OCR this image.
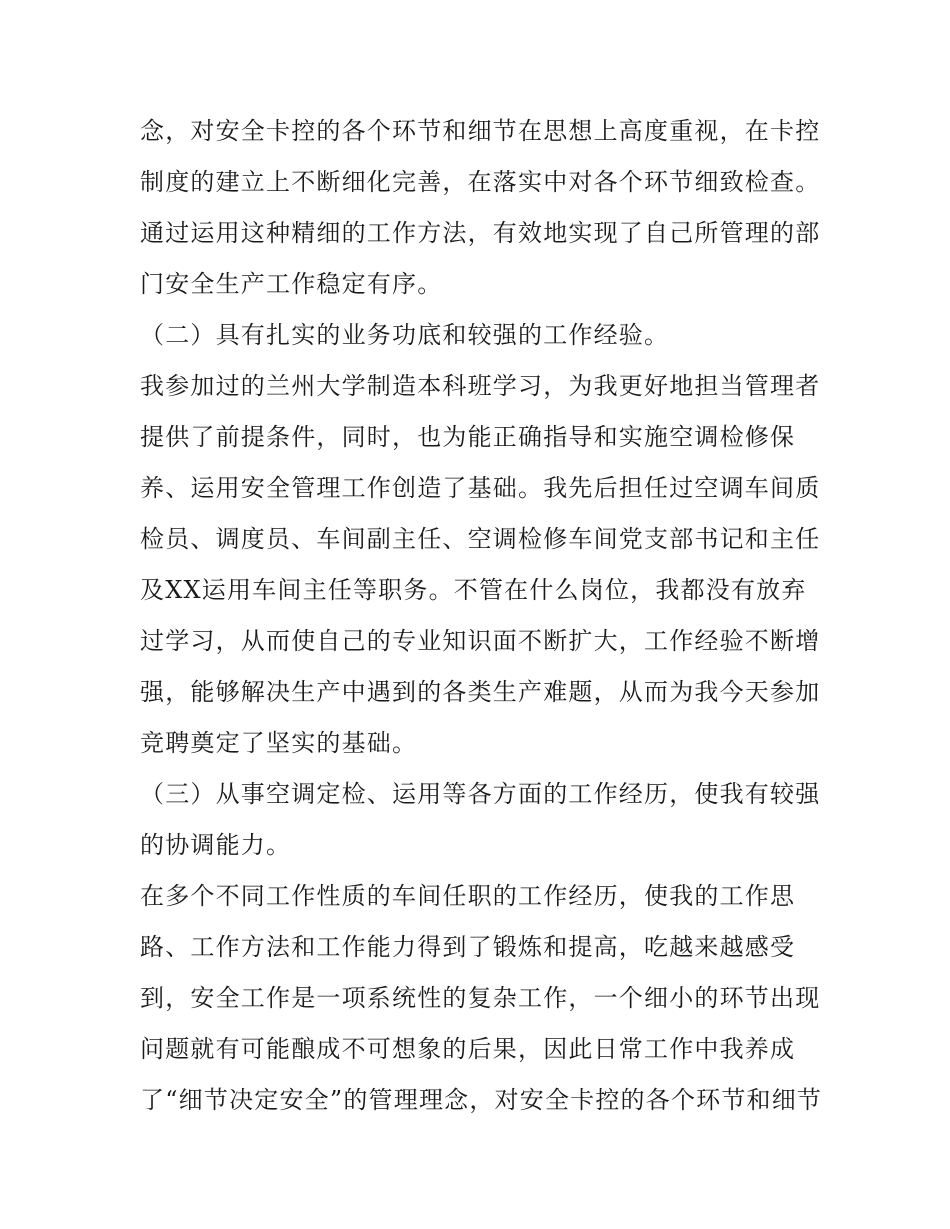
念，对安全卡控的各个环节和细节在思想上高度重视，在卡控
制度的建立上不断细化完善，在落实中对各个环节细致检查。
通过运用这种精细的工作方法，有效地实现了自己所管理的部
门安全生产工作稳定有序。
（二）具有扎实的业务功底和较强的工作经验。
我参加过的兰州大学制造本科班学习，为我更好地担当管理者
提供了前提条件，同时，也为能正确指导和实施空调检修保
养、运用安全管理工作创造了基础。我先后担任过空调车间质
检员、调度员、车间副主任、空调检修车间党支部书记和主任
及XX运用车间主任等职务。不管在什么岗位，我都没有放弃
过学习，从而使自己的专业知识面不断扩大，工作经验不断增
强，能够解决生产中遇到的各类生产难题，从而为我今天参加
竞聘奠定了坚实的基础。
（三）从事空调定检、运用等各方面的工作经历，使我有较强
的协调能力。
在多个不同工作性质的车间任职的工作经历，使我的工作思
路、工作方法和工作能力得到了锻炼和提高，吃越来越感受
到，安全工作是一项系统性的复杂工作，一个细小的环节出现
问题就有可能酿成不可想象的后果，因此日常工作中我养成
了“细节决定安全”的管理理念，对安全卡控的各个环节和细节
